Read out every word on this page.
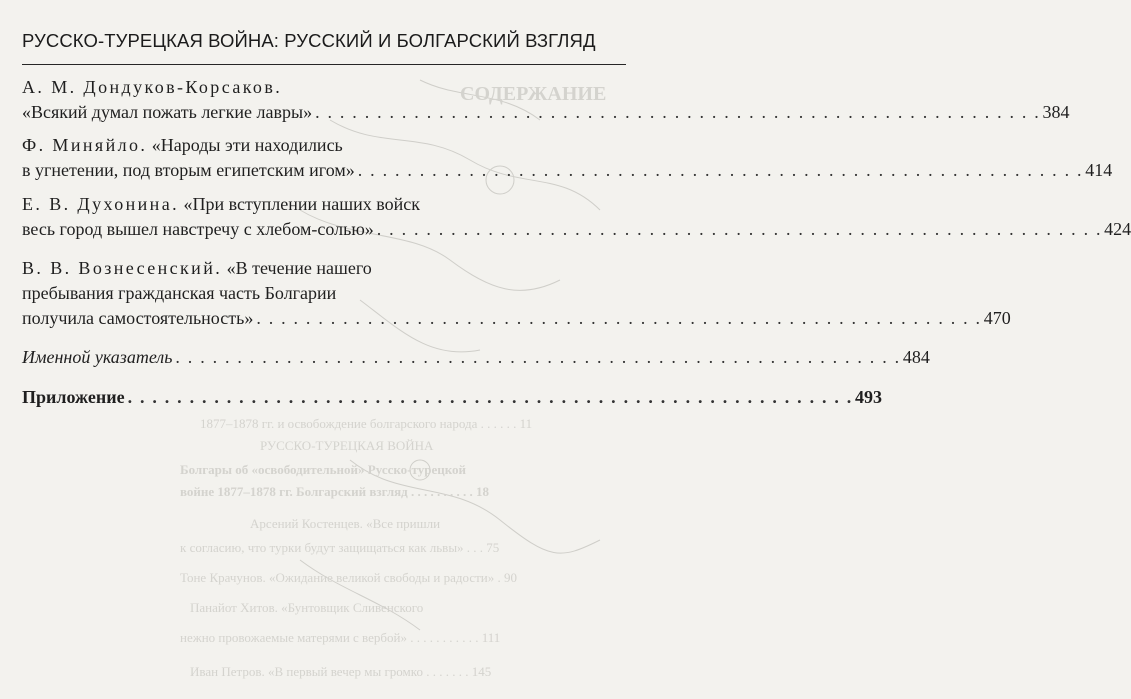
СОДЕРЖАНИЕ
1877–1878 гг. и освобождение болгарского народа . . . . . . 11
РУССКО-ТУРЕЦКАЯ ВОЙНА
Болгары об «освободительной» Русско-турецкой
войне 1877–1878 гг. Болгарский взгляд . . . . . . . . . . 18
Арсений Костенцев. «Все пришли
к согласию, что турки будут защищаться как львы» . . . 75
Тоне Крачунов. «Ожидание великой свободы и радости» . 90
Панайот Хитов. «Бунтовщик Сливенского
нежно провожаемые матерями с вербой» . . . . . . . . . . . 111
Иван Петров. «В первый вечер мы громко . . . . . . . 145
РУССКО-ТУРЕЦКАЯ ВОЙНА: РУССКИЙ И БОЛГАРСКИЙ ВЗГЛЯД
А. М. Дондуков-Корсаков.
«Всякий думал пожать легкие лавры» . . . . . . . . . . . . . . . . . . . . . . . . . . . . . . . . . . . . . . . . . . . . . . . . . . . . . . . . . . . 384
Ф. Миняйло. «Народы эти находились
в угнетении, под вторым египетским игом» . . . . . . . . . . . . . . . . . . . . . . . . . . . . . . . . . . . . . . . . . . . . . . . . . . . . . . . . . . . 414
Е. В. Духонина. «При вступлении наших войск
весь город вышел навстречу с хлебом-солью» . . . . . . . . . . . . . . . . . . . . . . . . . . . . . . . . . . . . . . . . . . . . . . . . . . . . . . . . . . . 424
В. В. Вознесенский. «В течение нашего
пребывания гражданская часть Болгарии
получила самостоятельность» . . . . . . . . . . . . . . . . . . . . . . . . . . . . . . . . . . . . . . . . . . . . . . . . . . . . . . . . . . . 470
Именной указатель . . . . . . . . . . . . . . . . . . . . . . . . . . . . . . . . . . . . . . . . . . . . . . . . . . . . . . . . . . . 484
Приложение . . . . . . . . . . . . . . . . . . . . . . . . . . . . . . . . . . . . . . . . . . . . . . . . . . . . . . . . . . . 493
